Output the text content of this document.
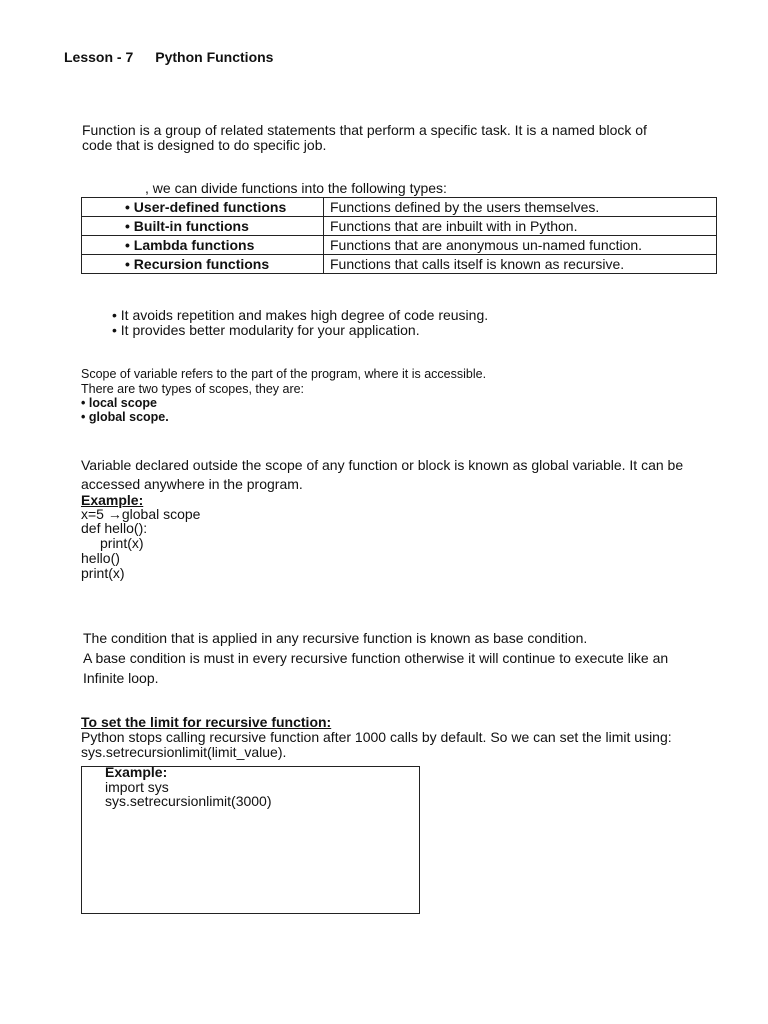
Lesson - 7 Python Functions
Function is a group of related statements that perform a specific task. It is a named block of
code that is designed to do specific job.
, we can divide functions into the following types:
• User-defined functions	Functions defined by the users themselves.
• Built-in functions	Functions that are inbuilt with in Python.
• Lambda functions	Functions that are anonymous un-named function.
• Recursion functions	Functions that calls itself is known as recursive.
• It avoids repetition and makes high degree of code reusing.
• It provides better modularity for your application.
Scope of variable refers to the part of the program, where it is accessible.
There are two types of scopes, they are:
• local scope
• global scope.
Variable declared outside the scope of any function or block is known as global variable. It can be
accessed anywhere in the program.
Example:
x=5 →global scope
def hello():
print(x)
hello()
print(x)
The condition that is applied in any recursive function is known as base condition.
A base condition is must in every recursive function otherwise it will continue to execute like an
Infinite loop.
To set the limit for recursive function:
Python stops calling recursive function after 1000 calls by default. So we can set the limit using:
sys.setrecursionlimit(limit_value).
Example:
import sys
sys.setrecursionlimit(3000)
